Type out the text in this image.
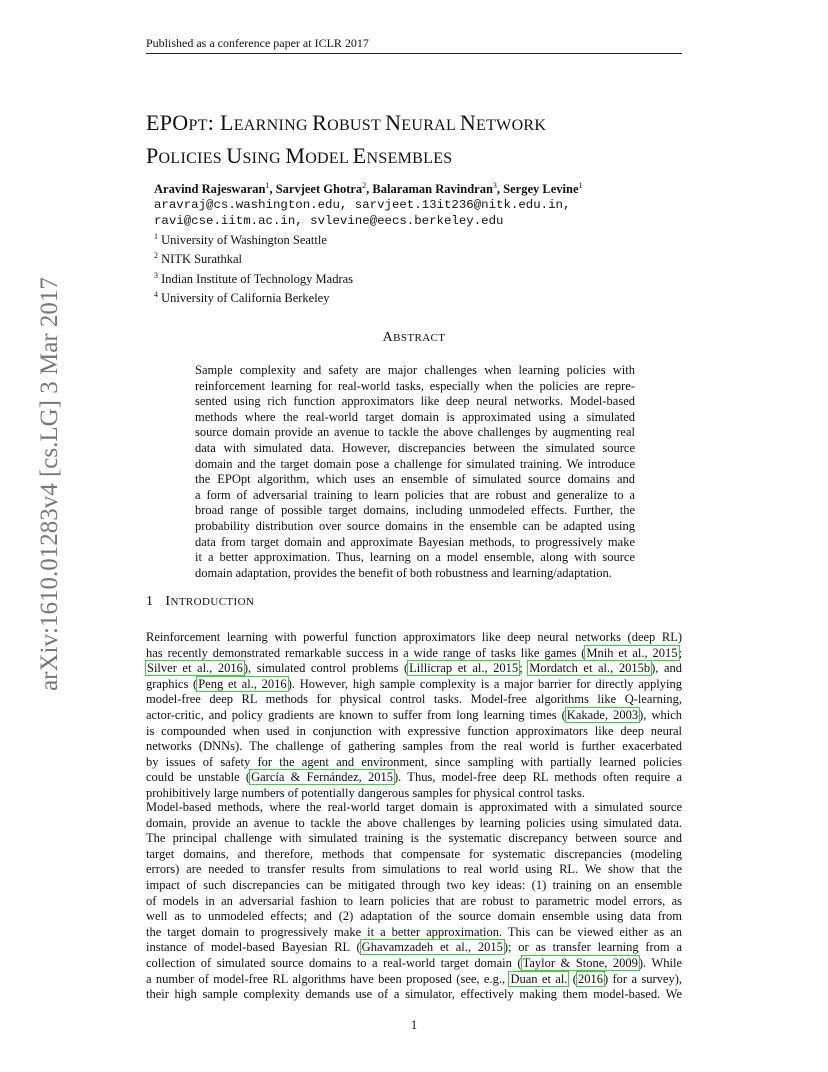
Published as a conference paper at ICLR 2017
arXiv:1610.01283v4 [cs.LG] 3 Mar 2017
EPOPT: LEARNING ROBUST NEURAL NETWORK
POLICIES USING MODEL ENSEMBLES
Aravind Rajeswaran$^1$, Sarvjeet Ghotra$^2$, Balaraman Ravindran$^3$, Sergey Levine$^1$
aravraj@cs.washington.edu, sarvjeet.13it236@nitk.edu.in,
ravi@cse.iitm.ac.in, svlevine@eecs.berkeley.edu
$^1$ University of Washington Seattle
$^2$ NITK Surathkal
$^3$ Indian Institute of Technology Madras
$^4$ University of California Berkeley
ABSTRACT
Sample complexity and safety are major challenges when learning policies with
reinforcement learning for real-world tasks, especially when the policies are repre-
sented using rich function approximators like deep neural networks. Model-based
methods where the real-world target domain is approximated using a simulated
source domain provide an avenue to tackle the above challenges by augmenting real
data with simulated data. However, discrepancies between the simulated source
domain and the target domain pose a challenge for simulated training. We introduce
the EPOpt algorithm, which uses an ensemble of simulated source domains and
a form of adversarial training to learn policies that are robust and generalize to a
broad range of possible target domains, including unmodeled effects. Further, the
probability distribution over source domains in the ensemble can be adapted using
data from target domain and approximate Bayesian methods, to progressively make
it a better approximation. Thus, learning on a model ensemble, along with source
domain adaptation, provides the benefit of both robustness and learning/adaptation.
1 INTRODUCTION
Reinforcement learning with powerful function approximators like deep neural networks (deep RL)
has recently demonstrated remarkable success in a wide range of tasks like games (Mnih et al., 2015;
Silver et al., 2016), simulated control problems (Lillicrap et al., 2015; Mordatch et al., 2015b), and
graphics (Peng et al., 2016). However, high sample complexity is a major barrier for directly applying
model-free deep RL methods for physical control tasks. Model-free algorithms like Q-learning,
actor-critic, and policy gradients are known to suffer from long learning times (Kakade, 2003), which
is compounded when used in conjunction with expressive function approximators like deep neural
networks (DNNs). The challenge of gathering samples from the real world is further exacerbated
by issues of safety for the agent and environment, since sampling with partially learned policies
could be unstable (García & Fernández, 2015). Thus, model-free deep RL methods often require a
prohibitively large numbers of potentially dangerous samples for physical control tasks.
Model-based methods, where the real-world target domain is approximated with a simulated source
domain, provide an avenue to tackle the above challenges by learning policies using simulated data.
The principal challenge with simulated training is the systematic discrepancy between source and
target domains, and therefore, methods that compensate for systematic discrepancies (modeling
errors) are needed to transfer results from simulations to real world using RL. We show that the
impact of such discrepancies can be mitigated through two key ideas: (1) training on an ensemble
of models in an adversarial fashion to learn policies that are robust to parametric model errors, as
well as to unmodeled effects; and (2) adaptation of the source domain ensemble using data from
the target domain to progressively make it a better approximation. This can be viewed either as an
instance of model-based Bayesian RL (Ghavamzadeh et al., 2015); or as transfer learning from a
collection of simulated source domains to a real-world target domain (Taylor & Stone, 2009). While
a number of model-free RL algorithms have been proposed (see, e.g., Duan et al. (2016) for a survey),
their high sample complexity demands use of a simulator, effectively making them model-based. We
1
